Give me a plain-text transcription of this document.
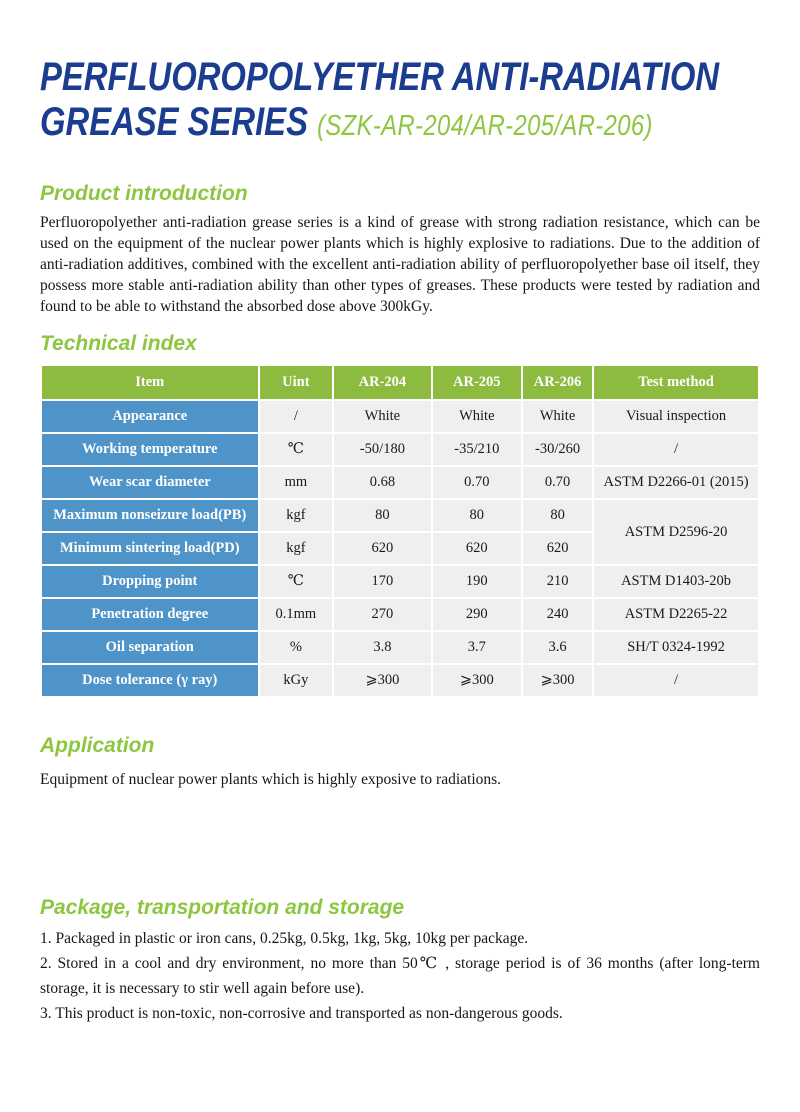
PERFLUOROPOLYETHER ANTI-RADIATION
GREASE SERIES (SZK-AR-204/AR-205/AR-206)
Product introduction

Perfluoropolyether anti-radiation grease series is a kind of grease with strong radiation resistance, which can be used on the equipment of the nuclear power plants which is highly explosive to radiations. Due to the addition of anti-radiation additives, combined with the excellent anti-radiation ability of perfluoropolyether base oil itself, they possess more stable anti-radiation ability than other types of greases. These products were tested by radiation and found to be able to withstand the absorbed dose above 300kGy.

Technical index
Item	Uint	AR-204	AR-205	AR-206	Test method
Appearance	/	White	White	White	Visual inspection
Working temperature	℃	-50/180	-35/210	-30/260	/
Wear scar diameter	mm	0.68	0.70	0.70	ASTM D2266-01 (2015)
Maximum nonseizure load(PB)	kgf	80	80	80	ASTM D2596-20
Minimum sintering load(PD)	kgf	620	620	620	
Dropping point	℃	170	190	210	ASTM D1403-20b
Penetration degree	0.1mm	270	290	240	ASTM D2265-22
Oil separation	%	3.8	3.7	3.6	SH/T 0324-1992
Dose tolerance (γ ray)	kGy	⩾300	⩾300	⩾300	/
Application

Equipment of nuclear power plants which is highly exposive to radiations.

Package, transportation and storage

1. Packaged in plastic or iron cans, 0.25kg, 0.5kg, 1kg, 5kg, 10kg per package.

2. Stored in a cool and dry environment, no more than 50℃ , storage period is of 36 months (after long-term storage, it is necessary to stir well again before use).

3. This product is non-toxic, non-corrosive and transported as non-dangerous goods.
